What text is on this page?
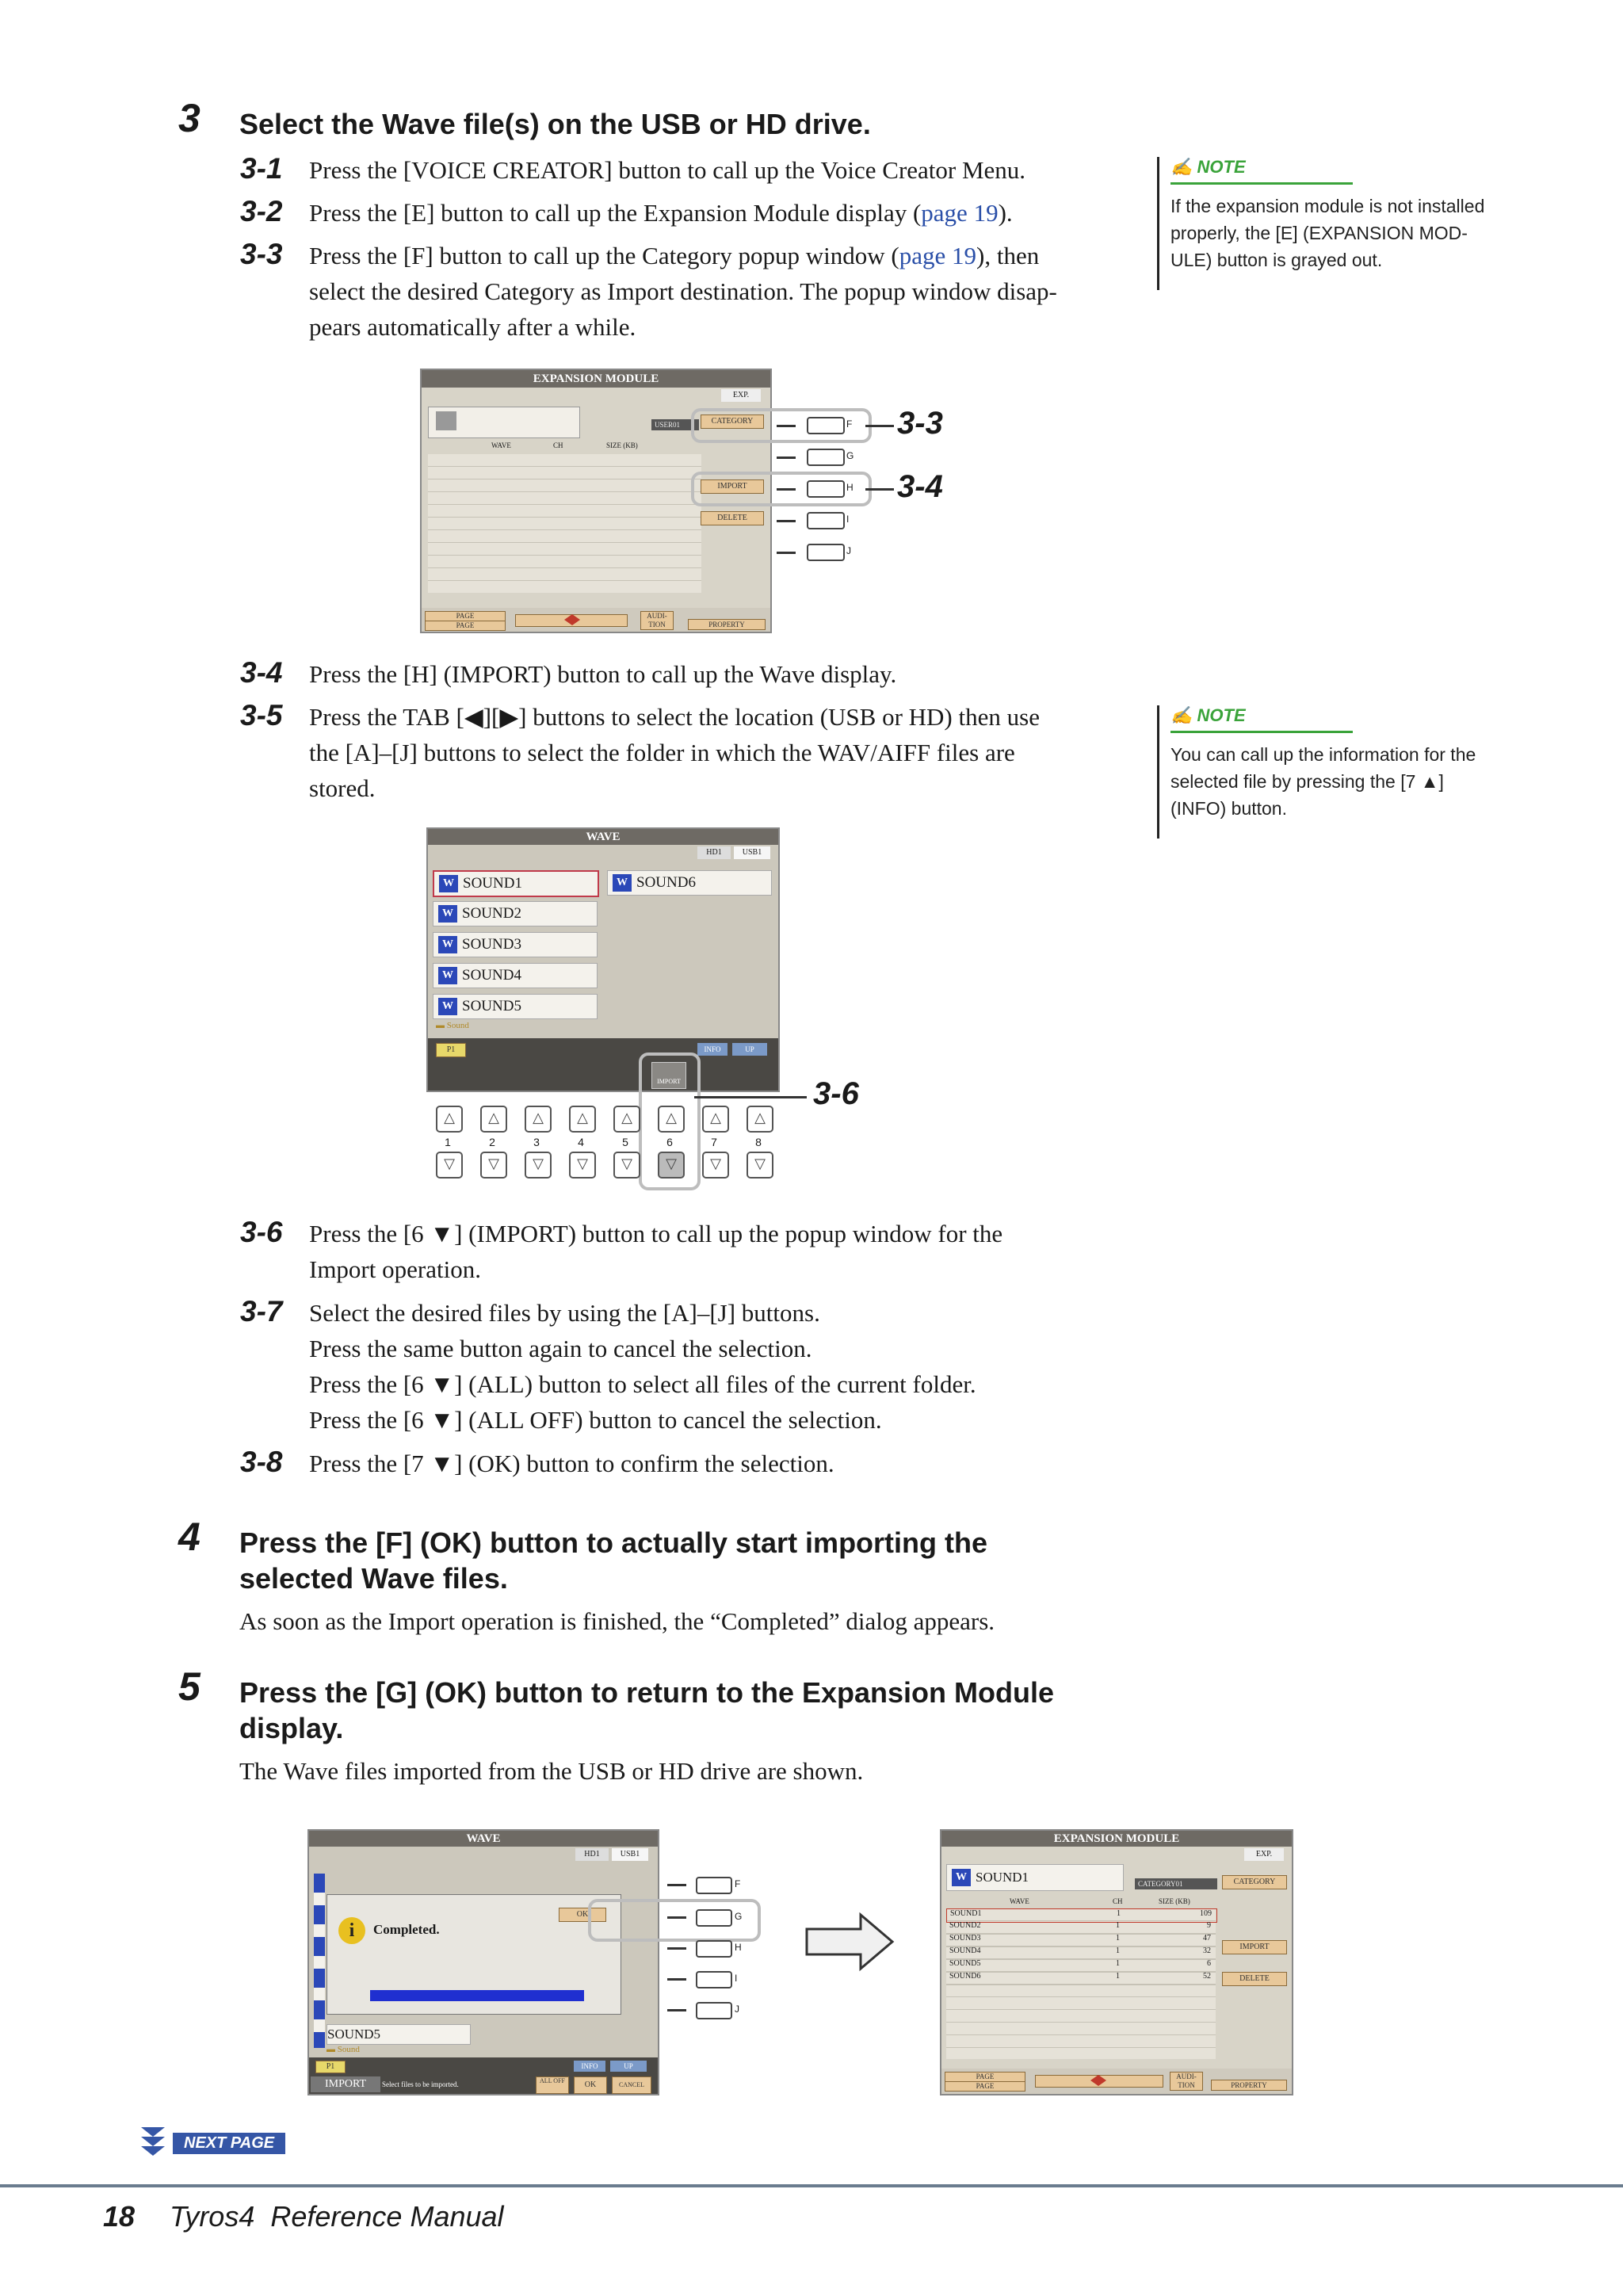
3 Select the Wave file(s) on the USB or HD drive.
3-1 Press the [VOICE CREATOR] button to call up the Voice Creator Menu.
3-2 Press the [E] button to call up the Expansion Module display (page 19).
3-3 Press the [F] button to call up the Category popup window (page 19), then
select the desired Category as Import destination. The popup window disap-
pears automatically after a while.
✍ NOTE
If the expansion module is not installed properly, the [E] (EXPANSION MOD-ULE) button is grayed out.
EXPANSION MODULE
EXP.
USER01
WAVE	CH	SIZE (KB)
CATEGORY
IMPORT
DELETE
PAGE
PAGE
AUDI-TION	PROPERTY
F
G
H
I
J
3-3
3-4
3-4 Press the [H] (IMPORT) button to call up the Wave display.
3-5 Press the TAB [◀][▶] buttons to select the location (USB or HD) then use
the [A]–[J] buttons to select the folder in which the WAV/AIFF files are
stored.
✍ NOTE
You can call up the information for the selected file by pressing the [7 ▲] (INFO) button.
WAVE
HD1	USB1
W SOUND1
W SOUND2
W SOUND3
W SOUND4
W SOUND5
W SOUND6
▬ Sound
P1	INFO	UP
IMPORT	3-6
△	△	△	△	△	△	△	△
1	2	3	4	5	6	7	8
▽	▽	▽	▽	▽	▽	▽	▽
3-6 Press the [6 ▼] (IMPORT) button to call up the popup window for the
Import operation.
3-7 Select the desired files by using the [A]–[J] buttons.
Press the same button again to cancel the selection.
Press the [6 ▼] (ALL) button to select all files of the current folder.
Press the [6 ▼] (ALL OFF) button to cancel the selection.
3-8 Press the [7 ▼] (OK) button to confirm the selection.
4 Press the [F] (OK) button to actually start importing the
selected Wave files.
As soon as the Import operation is finished, the “Completed” dialog appears.
5 Press the [G] (OK) button to return to the Expansion Module
display.
The Wave files imported from the USB or HD drive are shown.
WAVE
HD1	USB1
i	Completed.
OK
SOUND5
▬ Sound
P1	INFO	UP
IMPORT	Select files to be imported.	ALL OFF	OK	CANCEL
F
G
H
I
J
EXPANSION MODULE
EXP.
W SOUND1	CATEGORY01
WAVE	CH	SIZE (KB)
SOUND1	1	109
SOUND2	1	9
SOUND3	1	47
SOUND4	1	32
SOUND5	1	6
SOUND6	1	52
CATEGORY
IMPORT
DELETE
PAGE
PAGE
AUDI-TION	PROPERTY
NEXT PAGE
18 Tyros4  Reference Manual
